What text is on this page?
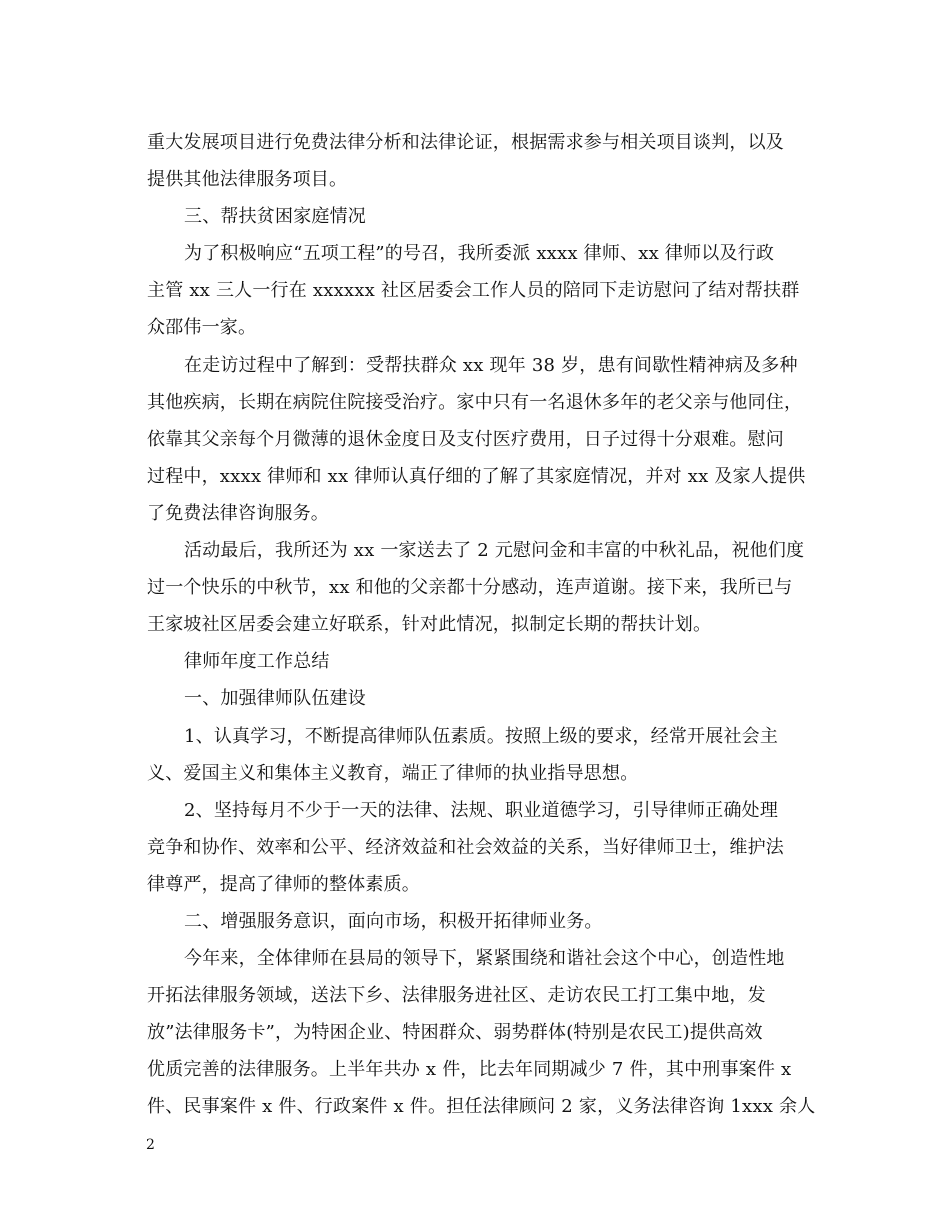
重大发展项目进行免费法律分析和法律论证，根据需求参与相关项目谈判，以及
提供其他法律服务项目。
三、帮扶贫困家庭情况
为了积极响应“五项工程”的号召，我所委派 xxxx 律师、xx 律师以及行政
主管 xx 三人一行在 xxxxxx 社区居委会工作人员的陪同下走访慰问了结对帮扶群
众邵伟一家。
在走访过程中了解到：受帮扶群众 xx 现年 38 岁，患有间歇性精神病及多种
其他疾病，长期在病院住院接受治疗。家中只有一名退休多年的老父亲与他同住，
依靠其父亲每个月微薄的退休金度日及支付医疗费用，日子过得十分艰难。慰问
过程中，xxxx 律师和 xx 律师认真仔细的了解了其家庭情况，并对 xx 及家人提供
了免费法律咨询服务。
活动最后，我所还为 xx 一家送去了 2 元慰问金和丰富的中秋礼品，祝他们度
过一个快乐的中秋节，xx 和他的父亲都十分感动，连声道谢。接下来，我所已与
王家坡社区居委会建立好联系，针对此情况，拟制定长期的帮扶计划。
律师年度工作总结
一、加强律师队伍建设
1、认真学习，不断提高律师队伍素质。按照上级的要求，经常开展社会主
义、爱国主义和集体主义教育，端正了律师的执业指导思想。
2、坚持每月不少于一天的法律、法规、职业道德学习，引导律师正确处理
竞争和协作、效率和公平、经济效益和社会效益的关系，当好律师卫士，维护法
律尊严，提高了律师的整体素质。
二、增强服务意识，面向市场，积极开拓律师业务。
今年来，全体律师在县局的领导下，紧紧围绕和谐社会这个中心，创造性地
开拓法律服务领域，送法下乡、法律服务进社区、走访农民工打工集中地，发
放”法律服务卡”，为特困企业、特困群众、弱势群体(特别是农民工)提供高效
优质完善的法律服务。上半年共办 x 件，比去年同期减少 7 件，其中刑事案件 x
件、民事案件 x 件、行政案件 x 件。担任法律顾问 2 家，义务法律咨询 1xxx 余人
2
